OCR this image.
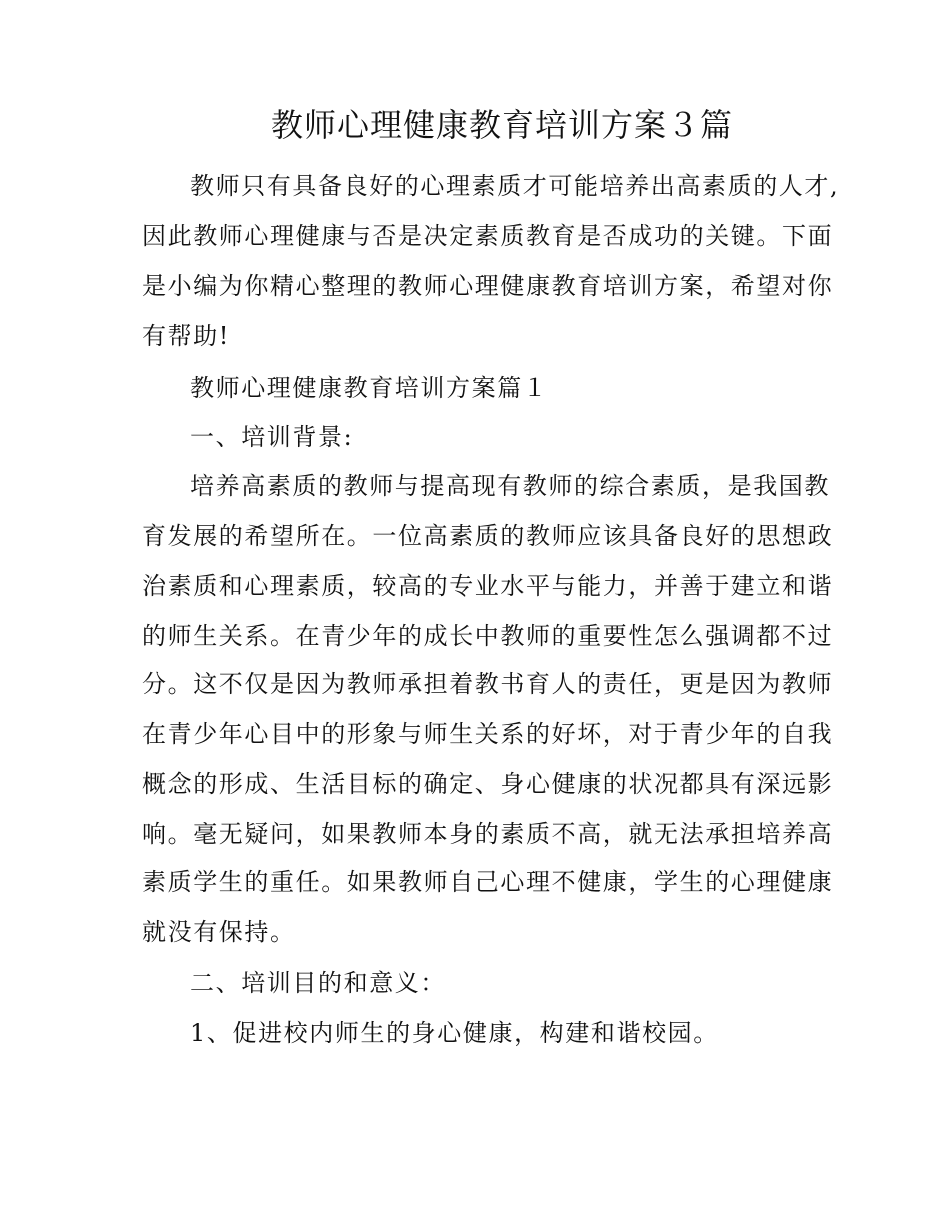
教师心理健康教育培训方案３篇
教师只有具备良好的心理素质才可能培养出高素质的人才,
因此教师心理健康与否是决定素质教育是否成功的关键。下面
是小编为你精心整理的教师心理健康教育培训方案，希望对你
有帮助!
教师心理健康教育培训方案篇１
一、培训背景:
培养高素质的教师与提高现有教师的综合素质，是我国教
育发展的希望所在。一位高素质的教师应该具备良好的思想政
治素质和心理素质，较高的专业水平与能力，并善于建立和谐
的师生关系。在青少年的成长中教师的重要性怎么强调都不过
分。这不仅是因为教师承担着教书育人的责任，更是因为教师
在青少年心目中的形象与师生关系的好坏，对于青少年的自我
概念的形成、生活目标的确定、身心健康的状况都具有深远影
响。毫无疑问，如果教师本身的素质不高，就无法承担培养高
素质学生的重任。如果教师自己心理不健康，学生的心理健康
就没有保持。
二、培训目的和意义：
1、促进校内师生的身心健康，构建和谐校园。
